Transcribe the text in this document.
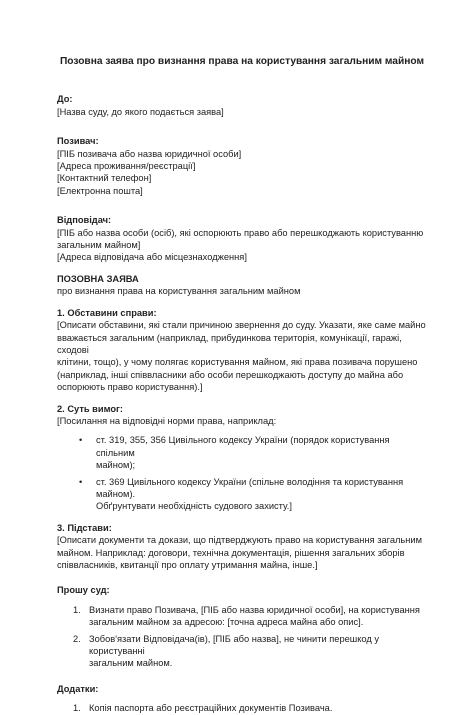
Позовна заява про визнання права на користування загальним майном

До:

[Назва суду, до якого подається заява]

Позивач:

[ПІБ позивача або назва юридичної особи]

[Адреса проживання/реєстрації]

[Контактний телефон]

[Електронна пошта]

Відповідач:

[ПІБ або назва особи (осіб), які оспорюють право або перешкоджають користуванню

загальним майном]

[Адреса відповідача або місцезнаходження]

ПОЗОВНА ЗАЯВА

про визнання права на користування загальним майном

1. Обставини справи:

[Описати обставини, які стали причиною звернення до суду. Указати, яке саме майно

вважається загальним (наприклад, прибудинкова територія, комунікації, гаражі, сходові

клітини, тощо), у чому полягає користування майном, які права позивача порушено

(наприклад, інші співвласники або особи перешкоджають доступу до майна або

оспорюють право користування).]

2. Суть вимог:

[Посилання на відповідні норми права, наприклад:

• ст. 319, 355, 356 Цивільного кодексу України (порядок користування спільним
майном);
• ст. 369 Цивільного кодексу України (спільне володіння та користування майном).
Обґрунтувати необхідність судового захисту.]

3. Підстави:

[Описати документи та докази, що підтверджують право на користування загальним

майном. Наприклад: договори, технічна документація, рішення загальних зборів

співвласників, квитанції про оплату утримання майна, інше.]

Прошу суд:

1. Визнати право Позивача, [ПІБ або назва юридичної особи], на користування
загальним майном за адресою: [точна адреса майна або опис].
2. Зобов'язати Відповідача(ів), [ПІБ або назва], не чинити перешкод у користуванні
загальним майном.

Додатки:

1. Копія паспорта або реєстраційних документів Позивача.
